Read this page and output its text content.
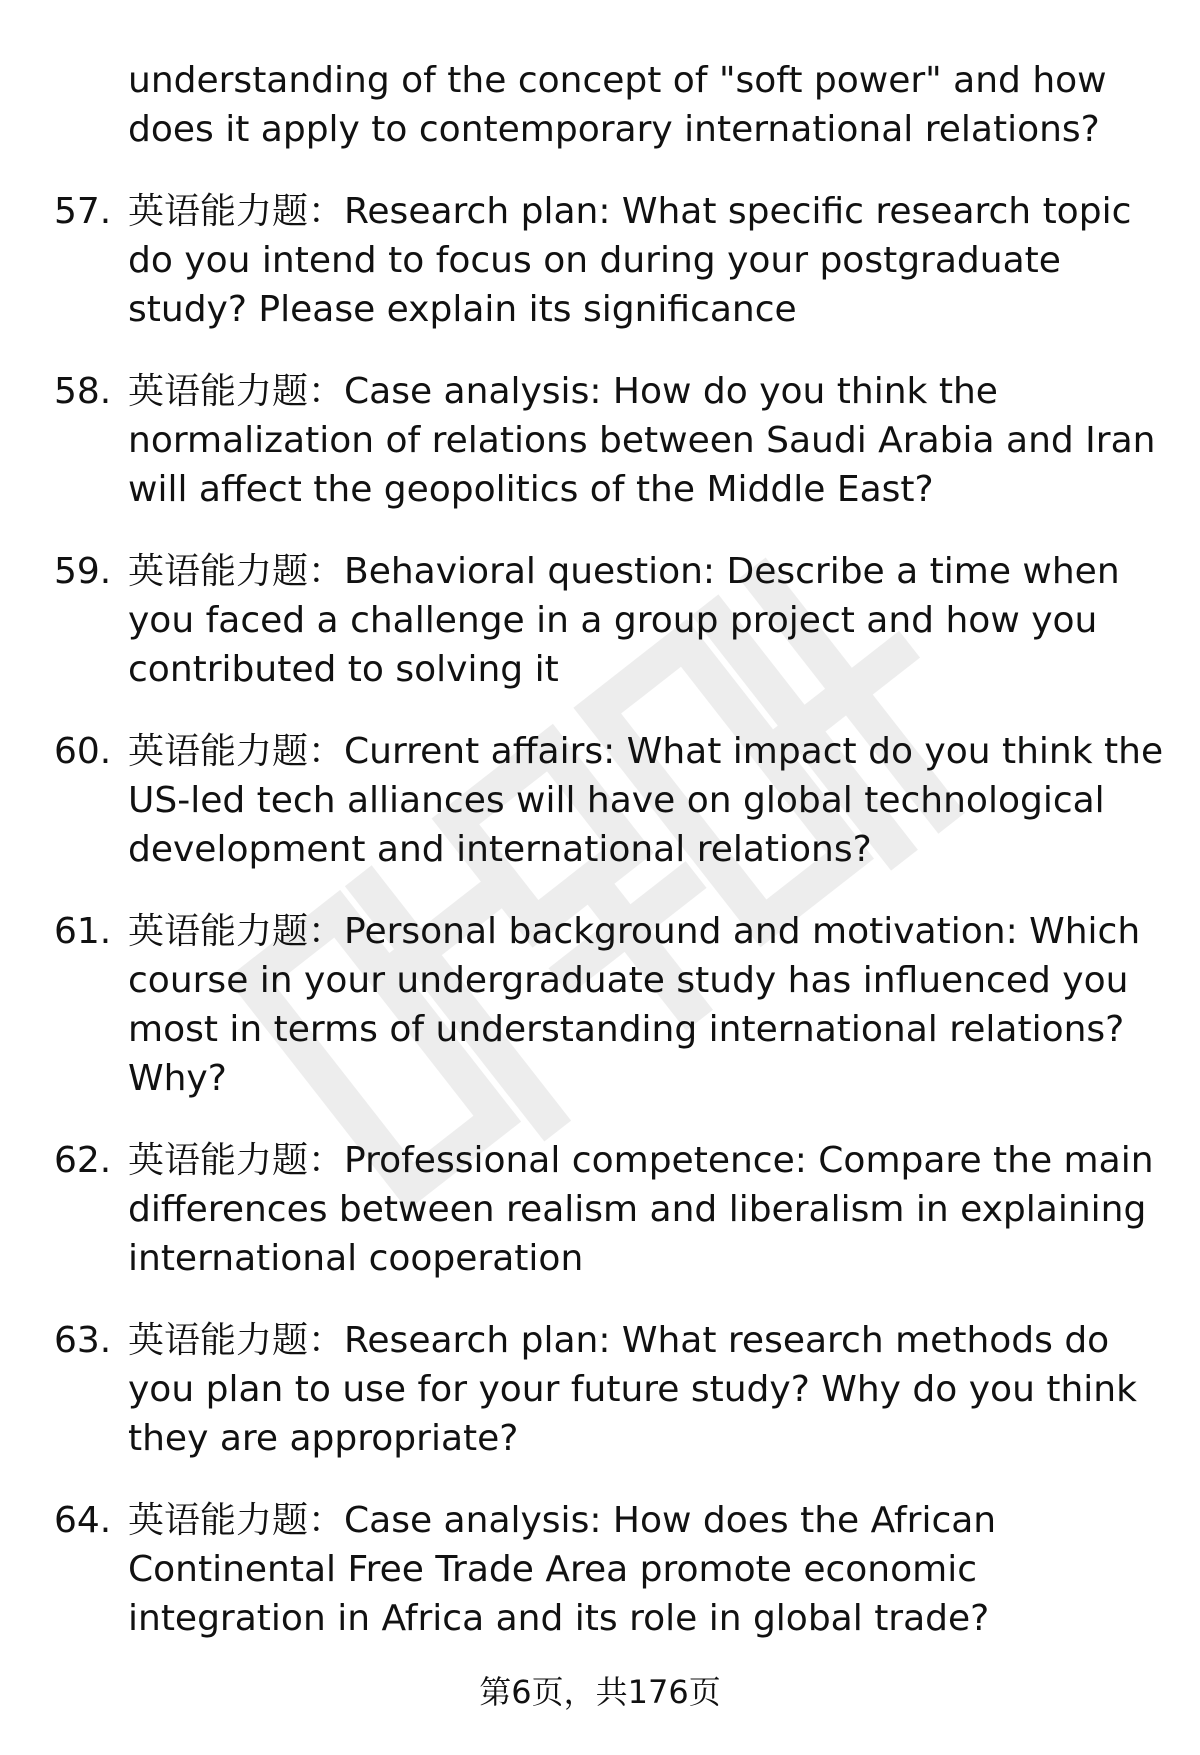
understanding of the concept of "soft power" and how does it apply to contemporary international relations?
57. 英语能力题：Research plan: What specific research topic do you intend to focus on during your postgraduate study? Please explain its significance
58. 英语能力题：Case analysis: How do you think the normalization of relations between Saudi Arabia and Iran will affect the geopolitics of the Middle East?
59. 英语能力题：Behavioral question: Describe a time when you faced a challenge in a group project and how you contributed to solving it
60. 英语能力题：Current affairs: What impact do you think the US-led tech alliances will have on global technological development and international relations?
61. 英语能力题：Personal background and motivation: Which course in your undergraduate study has influenced you most in terms of understanding international relations? Why?
62. 英语能力题：Professional competence: Compare the main differences between realism and liberalism in explaining international cooperation
63. 英语能力题：Research plan: What research methods do you plan to use for your future study? Why do you think they are appropriate?
64. 英语能力题：Case analysis: How does the African Continental Free Trade Area promote economic integration in Africa and its role in global trade?
第6页，共176页
